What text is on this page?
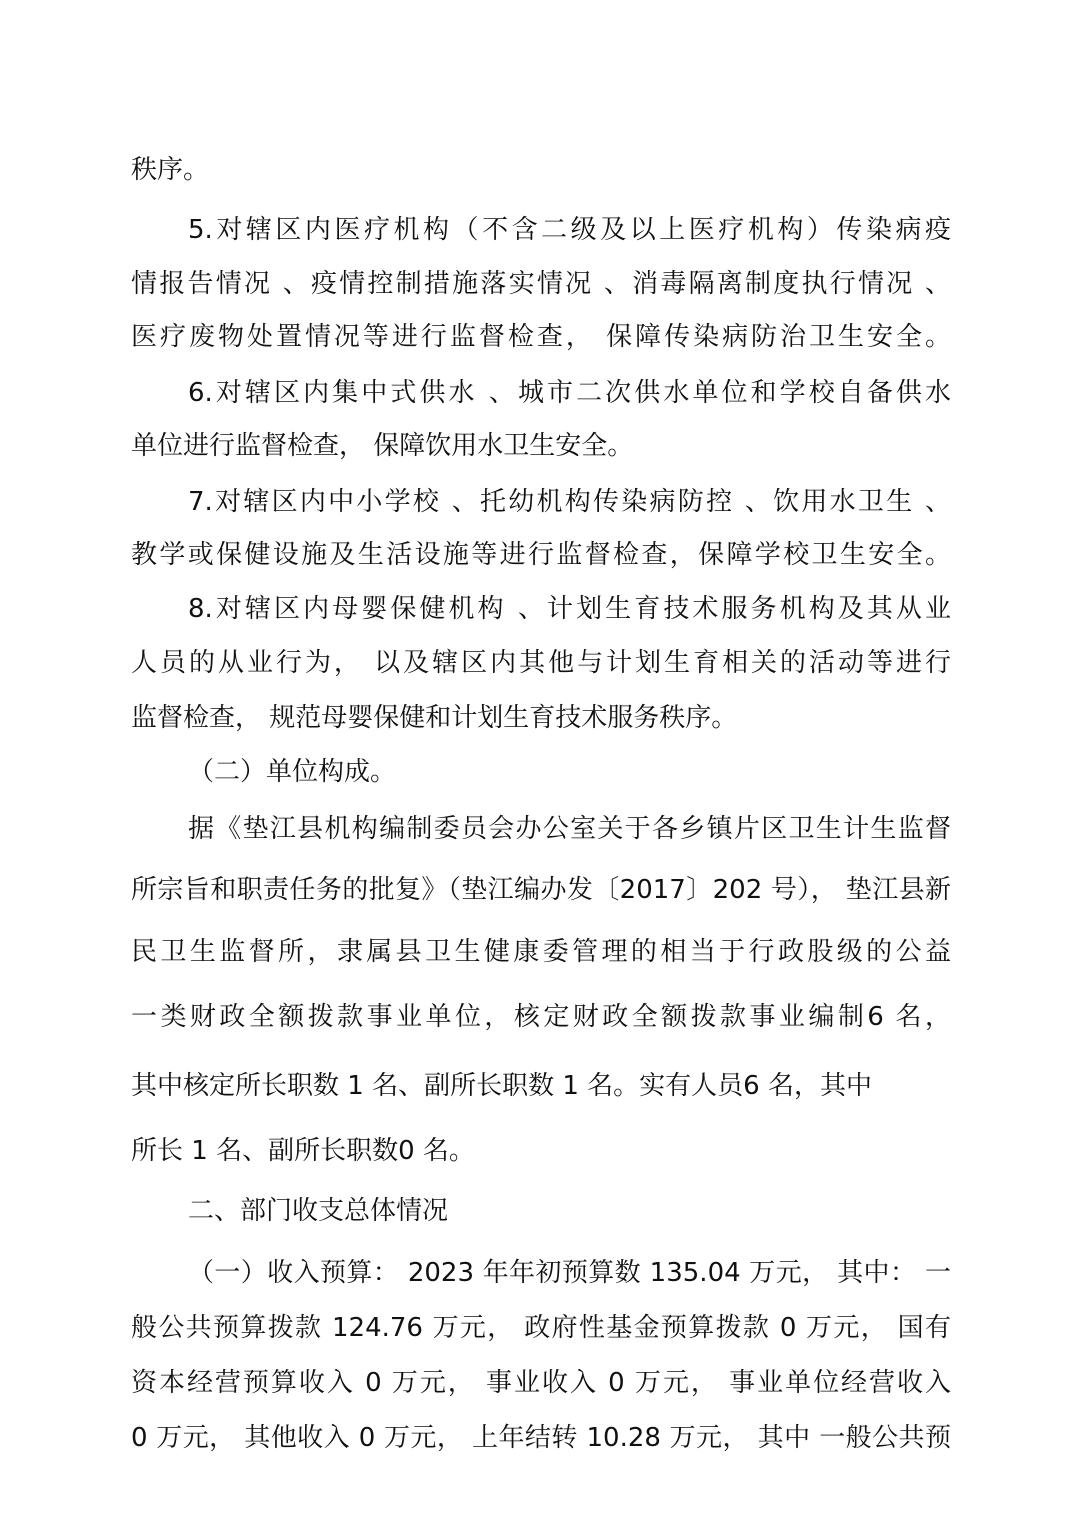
秩序。
5.对辖区内医疗机构（不含二级及以上医疗机构）传染病疫
情报告情况 、疫情控制措施落实情况 、消毒隔离制度执行情况 、
医疗废物处置情况等进行监督检查， 保障传染病防治卫生安全。
6.对辖区内集中式供水 、城市二次供水单位和学校自备供水
单位进行监督检查， 保障饮用水卫生安全。
7.对辖区内中小学校 、托幼机构传染病防控 、饮用水卫生 、
教学或保健设施及生活设施等进行监督检查，保障学校卫生安全。
8.对辖区内母婴保健机构 、计划生育技术服务机构及其从业
人员的从业行为， 以及辖区内其他与计划生育相关的活动等进行
监督检查， 规范母婴保健和计划生育技术服务秩序。
（二）单位构成。
据《垫江县机构编制委员会办公室关于各乡镇片区卫生计生监督
所宗旨和职责任务的批复》（垫江编办发〔2017〕202 号）， 垫江县新
民卫生监督所，隶属县卫生健康委管理的相当于行政股级的公益
一类财政全额拨款事业单位，核定财政全额拨款事业编制6 名，
其中核定所长职数 1 名、副所长职数 1 名。实有人员6 名，其中
所长 1 名、副所长职数0 名。
二、部门收支总体情况
（一）收入预算： 2023 年年初预算数 135.04 万元， 其中： 一
般公共预算拨款 124.76 万元， 政府性基金预算拨款 0 万元， 国有
资本经营预算收入 0 万元， 事业收入 0 万元， 事业单位经营收入
0 万元， 其他收入 0 万元， 上年结转 10.28 万元， 其中 一般公共预
